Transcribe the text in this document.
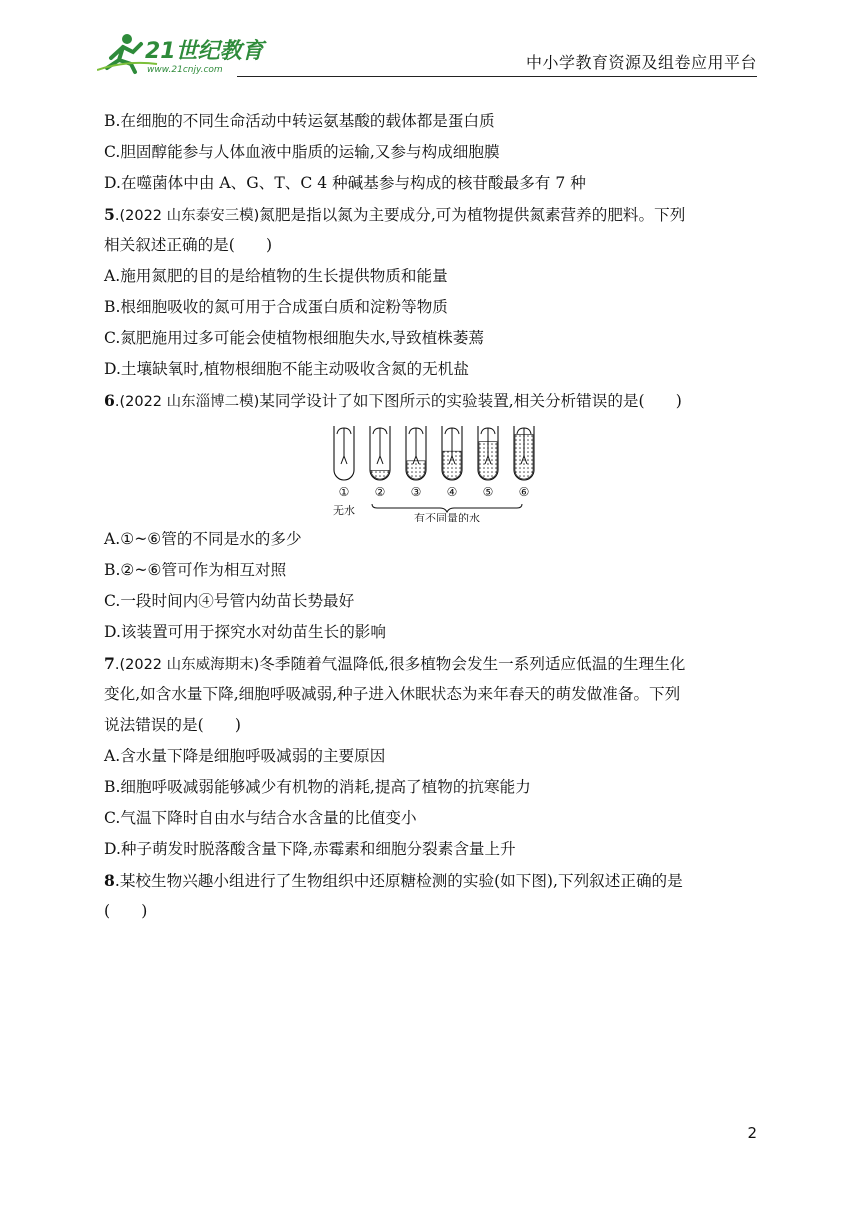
21世纪教育
www.21cnjy.com	中小学教育资源及组卷应用平台
B.在细胞的不同生命活动中转运氨基酸的载体都是蛋白质
C.胆固醇能参与人体血液中脂质的运输,又参与构成细胞膜
D.在噬菌体中由 A、G、T、C 4 种碱基参与构成的核苷酸最多有 7 种
5.(2022 山东泰安三模)氮肥是指以氮为主要成分,可为植物提供氮素营养的肥料。下列
相关叙述正确的是(　　)
A.施用氮肥的目的是给植物的生长提供物质和能量
B.根细胞吸收的氮可用于合成蛋白质和淀粉等物质
C.氮肥施用过多可能会使植物根细胞失水,导致植株萎蔫
D.土壤缺氧时,植物根细胞不能主动吸收含氮的无机盐
6.(2022 山东淄博二模)某同学设计了如下图所示的实验装置,相关分析错误的是(　　)
① ② ③ ④ ⑤ ⑥
无水
有不同量的水
A.①~⑥管的不同是水的多少
B.②~⑥管可作为相互对照
C.一段时间内④号管内幼苗长势最好
D.该装置可用于探究水对幼苗生长的影响
7.(2022 山东威海期末)冬季随着气温降低,很多植物会发生一系列适应低温的生理生化
变化,如含水量下降,细胞呼吸减弱,种子进入休眠状态为来年春天的萌发做准备。下列
说法错误的是(　　)
A.含水量下降是细胞呼吸减弱的主要原因
B.细胞呼吸减弱能够减少有机物的消耗,提高了植物的抗寒能力
C.气温下降时自由水与结合水含量的比值变小
D.种子萌发时脱落酸含量下降,赤霉素和细胞分裂素含量上升
8.某校生物兴趣小组进行了生物组织中还原糖检测的实验(如下图),下列叙述正确的是
(　　)
2
